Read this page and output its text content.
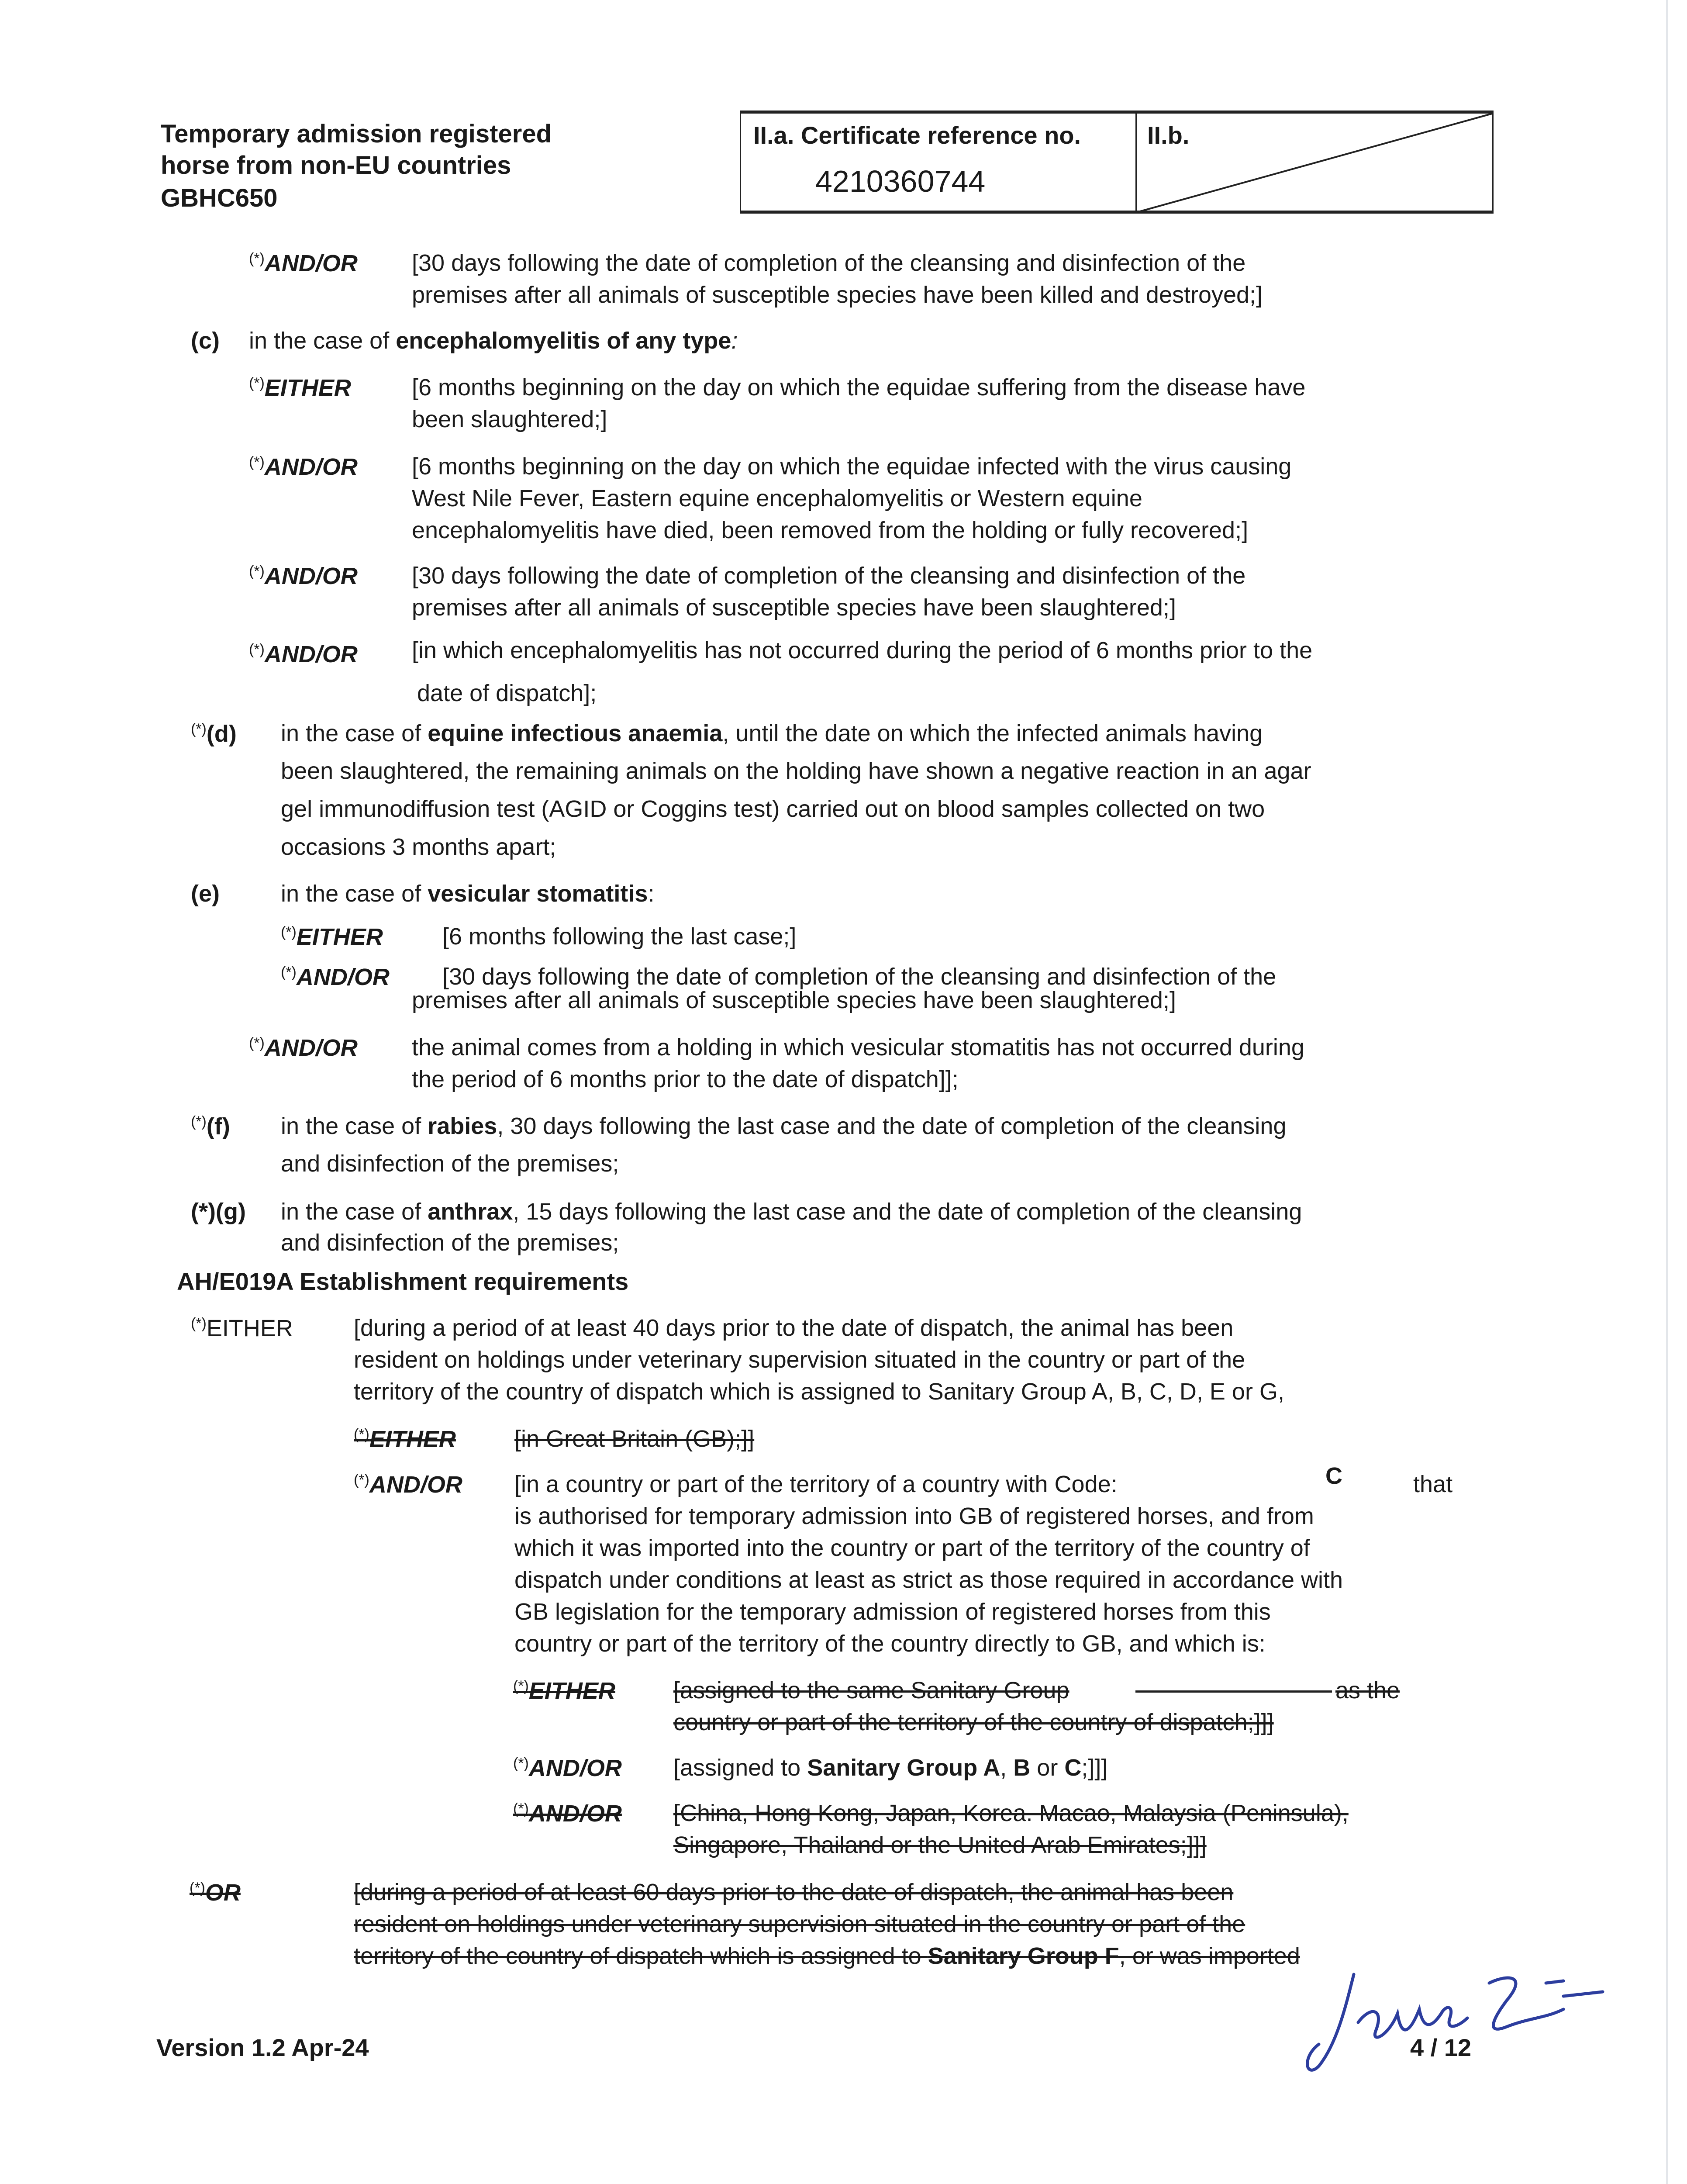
Temporary admission registered
horse from non-EU countries
GBHC650
II.a. Certificate reference no.
4210360744
II.b.
(*)AND/OR [30 days following the date of completion of the cleansing and disinfection of the
premises after all animals of susceptible species have been killed and destroyed;]
(c) in the case of encephalomyelitis of any type:
(*)EITHER	[6 months beginning on the day on which the equidae suffering from the disease have
been slaughtered;]
(*)AND/OR [6 months beginning on the day on which the equidae infected with the virus causing
West Nile Fever, Eastern equine encephalomyelitis or Western equine
encephalomyelitis have died, been removed from the holding or fully recovered;]
(*)AND/OR [30 days following the date of completion of the cleansing and disinfection of the
premises after all animals of susceptible species have been slaughtered;]
(*)AND/OR [in which encephalomyelitis has not occurred during the period of 6 months prior to the
date of dispatch];
(*)(d) in the case of equine infectious anaemia, until the date on which the infected animals having
been slaughtered, the remaining animals on the holding have shown a negative reaction in an agar
gel immunodiffusion test (AGID or Coggins test) carried out on blood samples collected on two
occasions 3 months apart;
(e)	in the case of vesicular stomatitis:
(*)EITHER	[6 months following the last case;]
(*)AND/OR [30 days following the date of completion of the cleansing and disinfection of the
premises after all animals of susceptible species have been slaughtered;]
(*)AND/OR the animal comes from a holding in which vesicular stomatitis has not occurred during
the period of 6 months prior to the date of dispatch]];
(*)(f) in the case of rabies, 30 days following the last case and the date of completion of the cleansing
and disinfection of the premises;
(*)(g) in the case of anthrax, 15 days following the last case and the date of completion of the cleansing
and disinfection of the premises;
AH/E019A Establishment requirements
(*)EITHER	[during a period of at least 40 days prior to the date of dispatch, the animal has been
resident on holdings under veterinary supervision situated in the country or part of the
territory of the country of dispatch which is assigned to Sanitary Group A, B, C, D, E or G,
(*)EITHER [in Great Britain (GB);]]
(*)AND/OR [in a country or part of the territory of a country with Code:	C	that
is authorised for temporary admission into GB of registered horses, and from
which it was imported into the country or part of the territory of the country of
dispatch under conditions at least as strict as those required in accordance with
GB legislation for the temporary admission of registered horses from this
country or part of the territory of the country directly to GB, and which is:
(*)EITHER [assigned to the same Sanitary Group	as the
country or part of the territory of the country of dispatch;]]]
(*)AND/OR [assigned to Sanitary Group A, B or C;]]]
(*)AND/OR [China, Hong Kong, Japan, Korea. Macao, Malaysia (Peninsula),
Singapore, Thailand or the United Arab Emirates;]]]
(*)OR	[during a period of at least 60 days prior to the date of dispatch, the animal has been
resident on holdings under veterinary supervision situated in the country or part of the
territory of the country of dispatch which is assigned to Sanitary Group F, or was imported
Version 1.2 Apr-24	4 / 12
